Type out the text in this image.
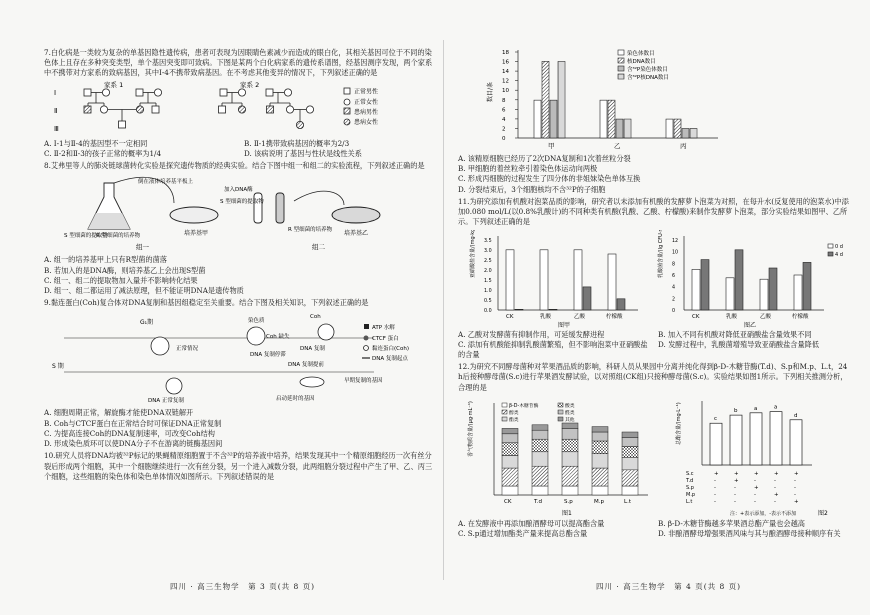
7.白化病是一类较为复杂的单基因隐性遗传病，患者可表现为因眼睛色素减少而造成的眼白化，其相关基因可位于不同的染色体上且存在多种突变类型，单个基因突变即可致病。下图是某两个白化病家系的遗传系谱图，经基因测序发现，两个家系中不携带对方家系的致病基因，其中Ⅰ-4不携带致病基因。在不考虑其他变异的情况下，下列叙述正确的是

Ⅰ
Ⅱ
Ⅲ
家系 1	家系 2
正常男性
正常女性
患病男性
患病女性
A. Ⅰ-1与Ⅱ-4的基因型不一定相同	B. Ⅱ-1携带致病基因的概率为2/3
C. Ⅱ-2和Ⅱ-3的孩子正常的概率为1/4	D. 该病说明了基因与性状是线性关系

8.艾弗里等人的肺炎链球菌转化实验是探究遗传物质的经典实验。结合下图中组一和组二的实验流程，下列叙述正确的是

倒在液体培养基平板上
培养基甲
S 型细菌的提取物
R 型细菌的培养物
组一
加入DNA酶
S 型细菌的提取物
R 型细菌的培养物 培养基乙
组二
A. 组一的培养基甲上只有R型菌的菌落
B. 若加入的是DNA酶，则培养基乙上会出现S型菌
C. 组一、组二的提取物加入量并不影响转化结果
D. 组一、组二都运用了减法原理，但不能证明DNA是遗传物质

9.黏连蛋白(Coh)复合体对DNA复制和基因组稳定至关重要。结合下图及相关知识，下列叙述正确的是

G₁期
S 期
正常情况
染色质
Coh 缺失
Coh
DNA 复制
DNA 复制停滞
DNA 复制提前
DNA 正常复制	启动延时的基因
ATP 水解
CTCF 蛋白
黏连蛋白(Coh)
DNA 复制起点
早期复制的基因
A. 细胞周期正常，解旋酶才能使DNA双链解开
B. Coh与CTCF蛋白在正常结合时可保证DNA正常复制
C. 为提高连接Coh的DNA复制速率，可改变Coh结构
D. 形成染色质环可以使DNA分子不在游离的链酶基因间

10.研究人员将DNA均被³²P标记的果蝇精原细胞置于不含³²P的培养液中培养，结果发现其中一个精原细胞经历一次有丝分裂后形成两个细胞，其中一个细胞继续进行一次有丝分裂，另一个进入减数分裂，此两细胞分裂过程中产生了甲、乙、丙三个细胞，这些细胞的染色体和染色单体情况如图所示。下列叙述错误的是

数目/条
0
2
4
6
8
10
12
14
16
18
甲	乙	丙
染色体数目
核DNA数目
含³²P染色体数目
含³²P核DNA数目
A. 该精原细胞已经历了2次DNA复制和1次着丝粒分裂
B. 甲细胞的着丝粒牵引着染色体运动向两极
C. 形成丙细胞的过程发生了四分体的非姐妹染色单体互换
D. 分裂结束后，3个细胞核均不含³²P的子细胞

11.为研究添加有机酸对泡菜品质的影响，研究者以未添加有机酸的发酵萝卜泡菜为对照，在每升水(反复使用的泡菜水)中添加0.080 mol/L(以0.8%乳酸计)的不同种类有机酸(乳酸、乙酸、柠檬酸)来制作发酵萝卜泡菜，部分实验结果如图甲、乙所示。下列叙述正确的是

亚硝酸盐含量/(mg·kg⁻¹)
0.0
0.5
1.0
1.5
2.0
2.5
3.0
3.5
CK	乳酸	乙酸	柠檬酸
图甲
乳酸菌含量/(lg CFU·mL⁻¹)
0
2
4
6
8
10
12
CK	乳酸	乙酸	柠檬酸
图乙
0 d
4 d
A. 乙酸对发酵菌有抑制作用，可延缓发酵进程	B. 加入不同有机酸对降低亚硝酸盐含量效果不同
C. 添加有机酸能抑制乳酸菌繁殖，但不影响泡菜中亚硝酸盐的含量
D. 发酵过程中，乳酸菌增殖导致亚硝酸盐含量降低

12.为研究不同酵母菌种对苹果酒品质的影响，科研人员从果园中分离并纯化得到β-D-木糖苷酶(T.d)、S.p和M.p、L.t，24 h后接种酵母菌(S.c)进行苹果酒发酵试验，以对照组(CK组)只接种酵母菌(S.c)。实验结果如图1所示。下列相关推测分析，合理的是

香气物质含量/(μg·mL⁻¹)
CK	T.d	S.p	M.p	L.t
图1
β-D-木糖苷酶
醇类
酯类
酸类
醛类
其他	总酯含量/(mg·L⁻¹)	c
b	a	a
d
S.c	+	+	+	+	+
T.d	-	+	-	-	-
S.p	-	-	+	-	-
M.p	-	-	-	+	-
L.t	-	-	-	-	+
注：+表示添加，-表示不添加	图2
A. 在发酵液中再添加酿酒酵母可以提高酯含量	B. β-D-木糖苷酶越多苹果酒总酯产量也会越高
C. S.p通过增加酯类产量来提高总酯含量	D. 非酿酒酵母增强果酒风味与其与酿酒酵母接种顺序有关
四川 · 高三生物学　第 3 页(共 8 页)	四川 · 高三生物学　第 4 页(共 8 页)
